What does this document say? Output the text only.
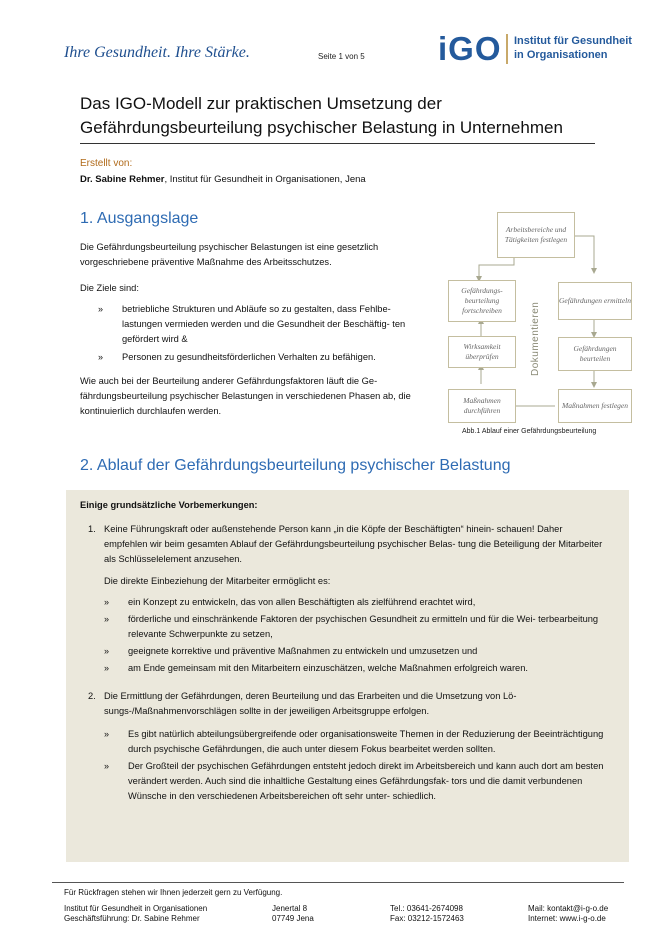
Ihre Gesundheit. Ihre Stärke.	Seite 1 von 5 iGO Institut für Gesundheit
in Organisationen
Das IGO-Modell zur praktischen Umsetzung der
Gefährdungsbeurteilung psychischer Belastung in Unternehmen
Erstellt von:
Dr. Sabine Rehmer, Institut für Gesundheit in Organisationen, Jena
1. Ausgangslage
Die Gefährdungsbeurteilung psychischer Belastungen ist eine gesetzlich vorgeschriebene präventive Maßnahme des Arbeitsschutzes.
Die Ziele sind:
» betriebliche Strukturen und Abläufe so zu gestalten, dass Fehlbe- lastungen vermieden werden und die Gesundheit der Beschäftig- ten gefördert wird &
» Personen zu gesundheitsförderlichen Verhalten zu befähigen.
Wie auch bei der Beurteilung anderer Gefährdungsfaktoren läuft die Ge- fährdungsbeurteilung psychischer Belastungen in verschiedenen Phasen ab, die kontinuierlich durchlaufen werden.
Arbeitsbereiche und Tätigkeiten festlegen
Gefährdungen ermitteln
Gefährdungen beurteilen
Maßnahmen festlegen
Maßnahmen durchführen
Wirksamkeit überprüfen
Gefährdungs- beurteilung fortschreiben	Dokumentieren
Abb.1 Ablauf einer Gefährdungsbeurteilung
2. Ablauf der Gefährdungsbeurteilung psychischer Belastung
Einige grundsätzliche Vorbemerkungen:
1. Keine Führungskraft oder außenstehende Person kann „in die Köpfe der Beschäftigten“ hinein- schauen! Daher empfehlen wir beim gesamten Ablauf der Gefährdungsbeurteilung psychischer Belas- tung die Beteiligung der Mitarbeiter als Schlüsselelement anzusehen.
Die direkte Einbeziehung der Mitarbeiter ermöglicht es:
» ein Konzept zu entwickeln, das von allen Beschäftigten als zielführend erachtet wird,
» förderliche und einschränkende Faktoren der psychischen Gesundheit zu ermitteln und für die Wei- terbearbeitung relevante Schwerpunkte zu setzen,
» geeignete korrektive und präventive Maßnahmen zu entwickeln und umzusetzen und
» am Ende gemeinsam mit den Mitarbeitern einzuschätzen, welche Maßnahmen erfolgreich waren.
2. Die Ermittlung der Gefährdungen, deren Beurteilung und das Erarbeiten und die Umsetzung von Lö- sungs-/Maßnahmenvorschlägen sollte in der jeweiligen Arbeitsgruppe erfolgen.
» Es gibt natürlich abteilungsübergreifende oder organisationsweite Themen in der Reduzierung der Beeinträchtigung durch psychische Gefährdungen, die auch unter diesem Fokus bearbeitet werden sollten.
» Der Großteil der psychischen Gefährdungen entsteht jedoch direkt im Arbeitsbereich und kann auch dort am besten verändert werden. Auch sind die inhaltliche Gestaltung eines Gefährdungsfak- tors und die damit verbundenen Wünsche in den verschiedenen Arbeitsbereichen oft sehr unter- schiedlich.
Für Rückfragen stehen wir Ihnen jederzeit gern zu Verfügung.
Institut für Gesundheit in Organisationen
Geschäftsführung: Dr. Sabine Rehmer
Jenertal 8
07749 Jena
Tel.: 03641-2674098
Fax: 03212-1572463
Mail: kontakt@i-g-o.de
Internet: www.i-g-o.de
